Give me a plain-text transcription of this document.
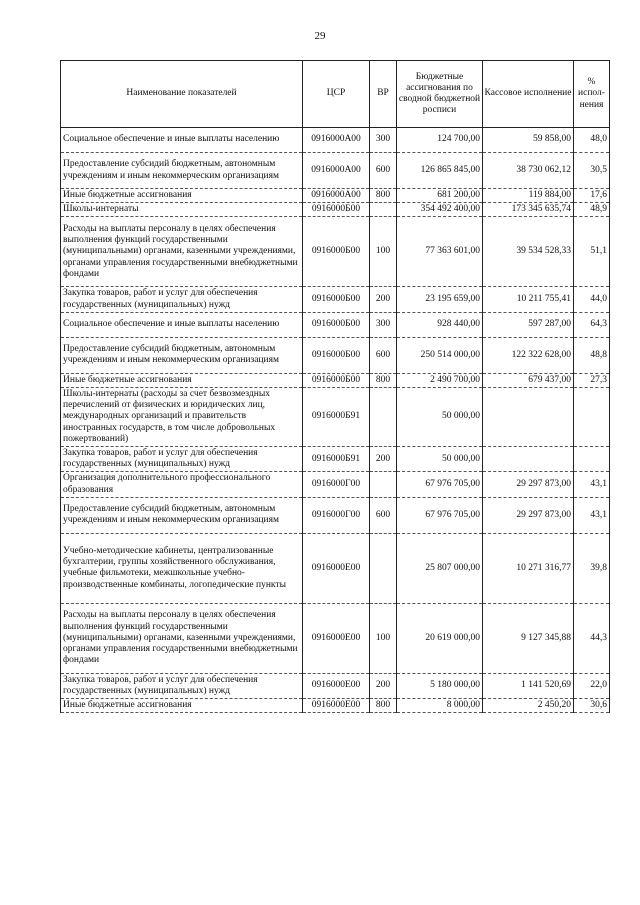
29
Наименование показателей	ЦСР	ВР	Бюджетные ассигнования по сводной бюджетной росписи	Кассовое исполнение	% испол-нения
Социальное обеспечение и иные выплаты населению	0916000А00	300	124 700,00	59 858,00	48,0
Предоставление субсидий бюджетным, автономным учреждениям и иным некоммерческим организациям	0916000А00	600	126 865 845,00	38 730 062,12	30,5
Иные бюджетные ассигнования	0916000А00	800	681 200,00	119 884,00	17,6
Школы-интернаты	0916000Б00		354 492 400,00	173 345 635,74	48,9
Расходы на выплаты персоналу в целях обеспечения выполнения функций государственными (муниципальными) органами, казенными учреждениями, органами управления государственными внебюджетными фондами	0916000Б00	100	77 363 601,00	39 534 528,33	51,1
Закупка товаров, работ и услуг для обеспечения государственных (муниципальных) нужд	0916000Б00	200	23 195 659,00	10 211 755,41	44,0
Социальное обеспечение и иные выплаты населению	0916000Б00	300	928 440,00	597 287,00	64,3
Предоставление субсидий бюджетным, автономным учреждениям и иным некоммерческим организациям	0916000Б00	600	250 514 000,00	122 322 628,00	48,8
Иные бюджетные ассигнования	0916000Б00	800	2 490 700,00	679 437,00	27,3
Школы-интернаты (расходы за счет безвозмездных перечислений от физических и юридических лиц, международных организаций и правительств иностранных государств, в том числе добровольных пожертвований)	0916000Б91		50 000,00		
Закупка товаров, работ и услуг для обеспечения государственных (муниципальных) нужд	0916000Б91	200	50 000,00		
Организация дополнительного профессионального образования	0916000Г00		67 976 705,00	29 297 873,00	43,1
Предоставление субсидий бюджетным, автономным учреждениям и иным некоммерческим организациям	0916000Г00	600	67 976 705,00	29 297 873,00	43,1
Учебно-методические кабинеты, централизованные бухгалтерии, группы хозяйственного обслуживания, учебные фильмотеки, межшкольные учебно-производственные комбинаты, логопедические пункты	0916000Е00		25 807 000,00	10 271 316,77	39,8
Расходы на выплаты персоналу в целях обеспечения выполнения функций государственными (муниципальными) органами, казенными учреждениями, органами управления государственными внебюджетными фондами	0916000Е00	100	20 619 000,00	9 127 345,88	44,3
Закупка товаров, работ и услуг для обеспечения государственных (муниципальных) нужд	0916000Е00	200	5 180 000,00	1 141 520,69	22,0
Иные бюджетные ассигнования	0916000Е00	800	8 000,00	2 450,20	30,6
